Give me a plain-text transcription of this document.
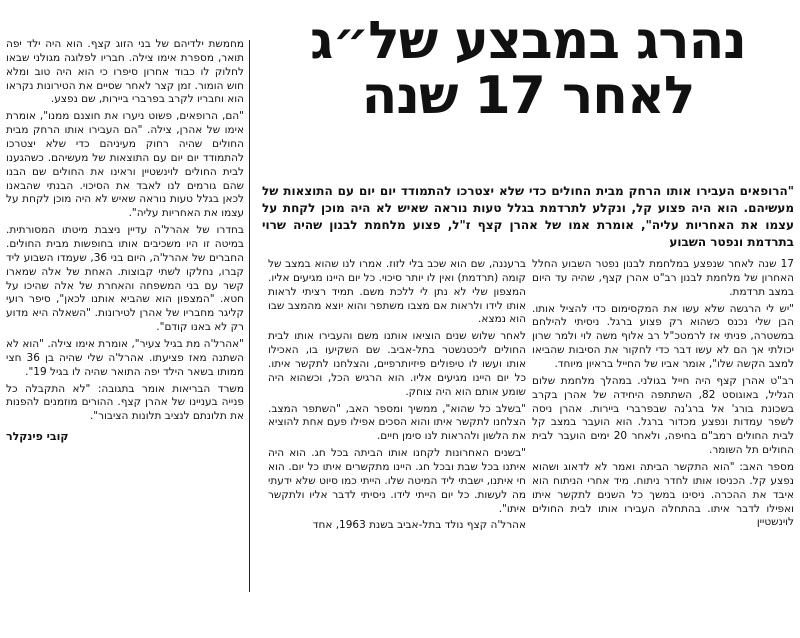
מחמשת ילדיהם של בני הזוג קצף. הוא היה ילד יפה תואר, מספרת אימו צילה. חבריו לפלוגה מגולני שבאו לחלוק לו כבוד אחרון סיפרו כי הוא היה טוב ומלא חוש הומור. זמן קצר לאחר שסיים את הטירונות נקראו הוא וחבריו לקרב בפרברי ביירות, שם נפצע.

"הם, הרופאים, פשוט ניערו את חוצנם ממנו", אומרת אימו של אהרן, צילה. "הם העבירו אותו הרחק מבית החולים שהיה רחוק מעיניהם כדי שלא יצטרכו להתמודד יום יום עם התוצאות של מעשיהם. כשהגענו לבית החולים לוינשטיין וראינו את החולים שם הבנו שהם גורמים לנו לאבד את הסיכוי. הבנתי שהבאנו לכאן בגלל טעות נוראה שאיש לא היה מוכן לקחת על עצמו את האחריות עליה".

בחדרו של אהרל'ה עדיין ניצבת מיטתו המסורתית. במיטה זו היו משכיבים אותו בחופשות מבית החולים. החברים של אהרל'ה, היום בני 36, שעמדו השבוע ליד קברו, נחלקו לשתי קבוצות. האחת של אלה שמארו קשר עם בני המשפחה והאחרת של אלה שהיכו על חטא. "המצפון הוא שהביא אותנו לכאן", סיפר רועי קליגר מחבריו של אהרן לטירונות. "השאלה היא מדוע רק לא באנו קודם".

"אהרל'ה מת בגיל צעיר", אומרת אימו צילה. "הוא לא השתנה מאז פציעתו. אהרל'ה שלי שהיה בן 36 חצי ממותו בשאר הילד יפה התואר שהיה לו בגיל 19".

משרד הבריאות אומר בתגובה: "לא התקבלה כל פנייה בעניינו של אהרן קצף. ההורים מוזמנים להפנות את תלונתם לנציב תלונות הציבור".

קובי פינקלר
נהרג במבצע של״ג
לאחר 17 שנה
"הרופאים העבירו אותו הרחק מבית החולים כדי שלא יצטרכו להתמודד יום יום עם התוצאות של מעשיהם. הוא היה פצוע קל, ונקלע לתרדמת בגלל טעות נוראה שאיש לא היה מוכן לקחת על עצמו את האחריות עליה", אומרת אמו של אהרן קצף ז"ל, פצוע מלחמת לבנון שהיה שרוי בתרדמת ונפטר השבוע

17 שנה לאחר שנפצע במלחמת לבנון נפטר השבוע החלל האחרון של מלחמת לבנון רב"ט אהרן קצף, שהיה עד היום במצב תרדמת.

"יש לי הרגשה שלא עשו את המקסימום כדי להציל אותו. הבן שלי נכנס כשהוא רק פצוע ברגל. ניסיתי להילחם במשטרה, פניתי אז לרמטכ"ל רב אלוף משה לוי ולמר שרון יכולתי אך הם לא עשו דבר כדי לחקור את הסיבות שהביאו למצב הקשה שלו", אומר אביו של החייל בראיון מיוחד.

רב"ט אהרן קצף היה חייל בגולני. במהלך מלחמת שלום הגליל, באוגוסט 82, השתתפה היחידה של אהרן בקרב בשכונת בורג' אל ברג'נה שבפרברי ביירות. אהרן ניסה לשפר עמדות ונפצע מכדור ברגל. הוא הועבר במצב קל לבית החולים רמב"ם בחיפה, ולאחר 20 ימים הועבר לבית החולים תל השומר.

מספר האב: "הוא התקשר הביתה ואמר לא לדאוג ושהוא נפצע קל. הכניסו אותו לחדר ניתוח. מיד אחרי הניתוח הוא איבד את ההכרה. ניסינו במשך כל השנים לתקשר איתו ואפילו לדבר איתו. בהתחלה העבירו אותו לבית החולים לוינשטיין

ברעננה, שם הוא שכב בלי לזוז. אמרו לנו שהוא במצב של קומה (תרדמת) ואין לו יותר סיכוי. כל יום היינו מגיעים אליו. המצפון שלי לא נתן לי ללכת משם. תמיד רציתי לראות אותו לידו ולראות אם מצבו משתפר והוא יוצא מהמצב שבו הוא נמצא.

לאחר שלוש שנים הוציאו אותנו משם והעבירו אותו לבית החולים ליכטנשטר בתל-אביב. שם השקיעו בו, האכילו אותו ועשו לו טיפולים פיזיותרפיים, והצלחנו לתקשר איתו. כל יום היינו מגיעים אליו. הוא הרגיש הכל, וכשהוא היה שומע אותם הוא היה צוחק.

"בשלב כל שהוא", ממשיך ומספר האב, "השתפר המצב. הצלחנו לתקשר איתו והוא הסכים אפילו פעם אחת להוציא את הלשון ולהראות לנו סימן חיים.

"בשנים האחרונות לקחנו אותו הביתה בכל חג. הוא היה איתנו בכל שבת ובכל חג. היינו מתקשרים איתו כל יום. הוא חי איתנו, ישבתי ליד המיטה שלו. הייתי כמו סיוט שלא ידעתי מה לעשות. כל יום הייתי לידו. ניסיתי לדבר אליו ולתקשר איתו".

אהרל'ה קצף נולד בתל-אביב בשנת 1963, אחד
